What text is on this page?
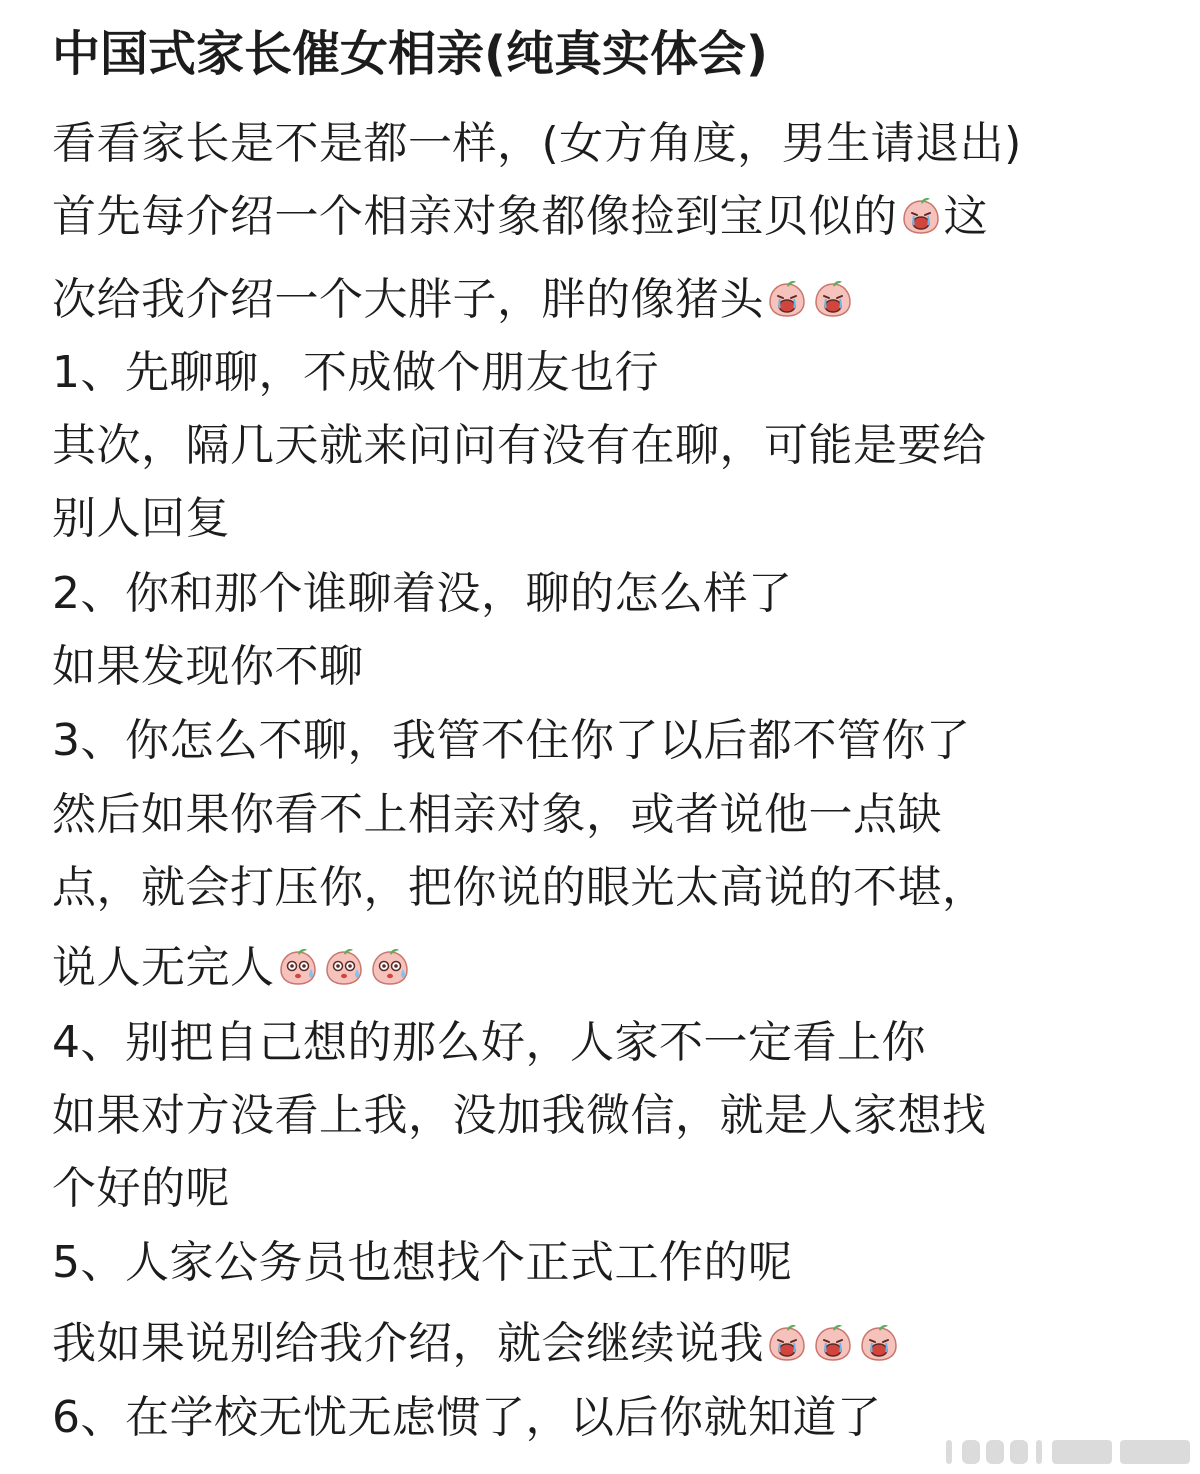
中国式家长催女相亲(纯真实体会)
看看家长是不是都一样，(女方角度，男生请退出)
首先每介绍一个相亲对象都像捡到宝贝似的 这
次给我介绍一个大胖子，胖的像猪头
1、先聊聊，不成做个朋友也行
其次，隔几天就来问问有没有在聊，可能是要给
别人回复
2、你和那个谁聊着没，聊的怎么样了
如果发现你不聊
3、你怎么不聊，我管不住你了以后都不管你了
然后如果你看不上相亲对象，或者说他一点缺
点，就会打压你，把你说的眼光太高说的不堪，
说人无完人
4、别把自己想的那么好，人家不一定看上你
如果对方没看上我，没加我微信，就是人家想找
个好的呢
5、人家公务员也想找个正式工作的呢
我如果说别给我介绍，就会继续说我
6、在学校无忧无虑惯了，以后你就知道了
